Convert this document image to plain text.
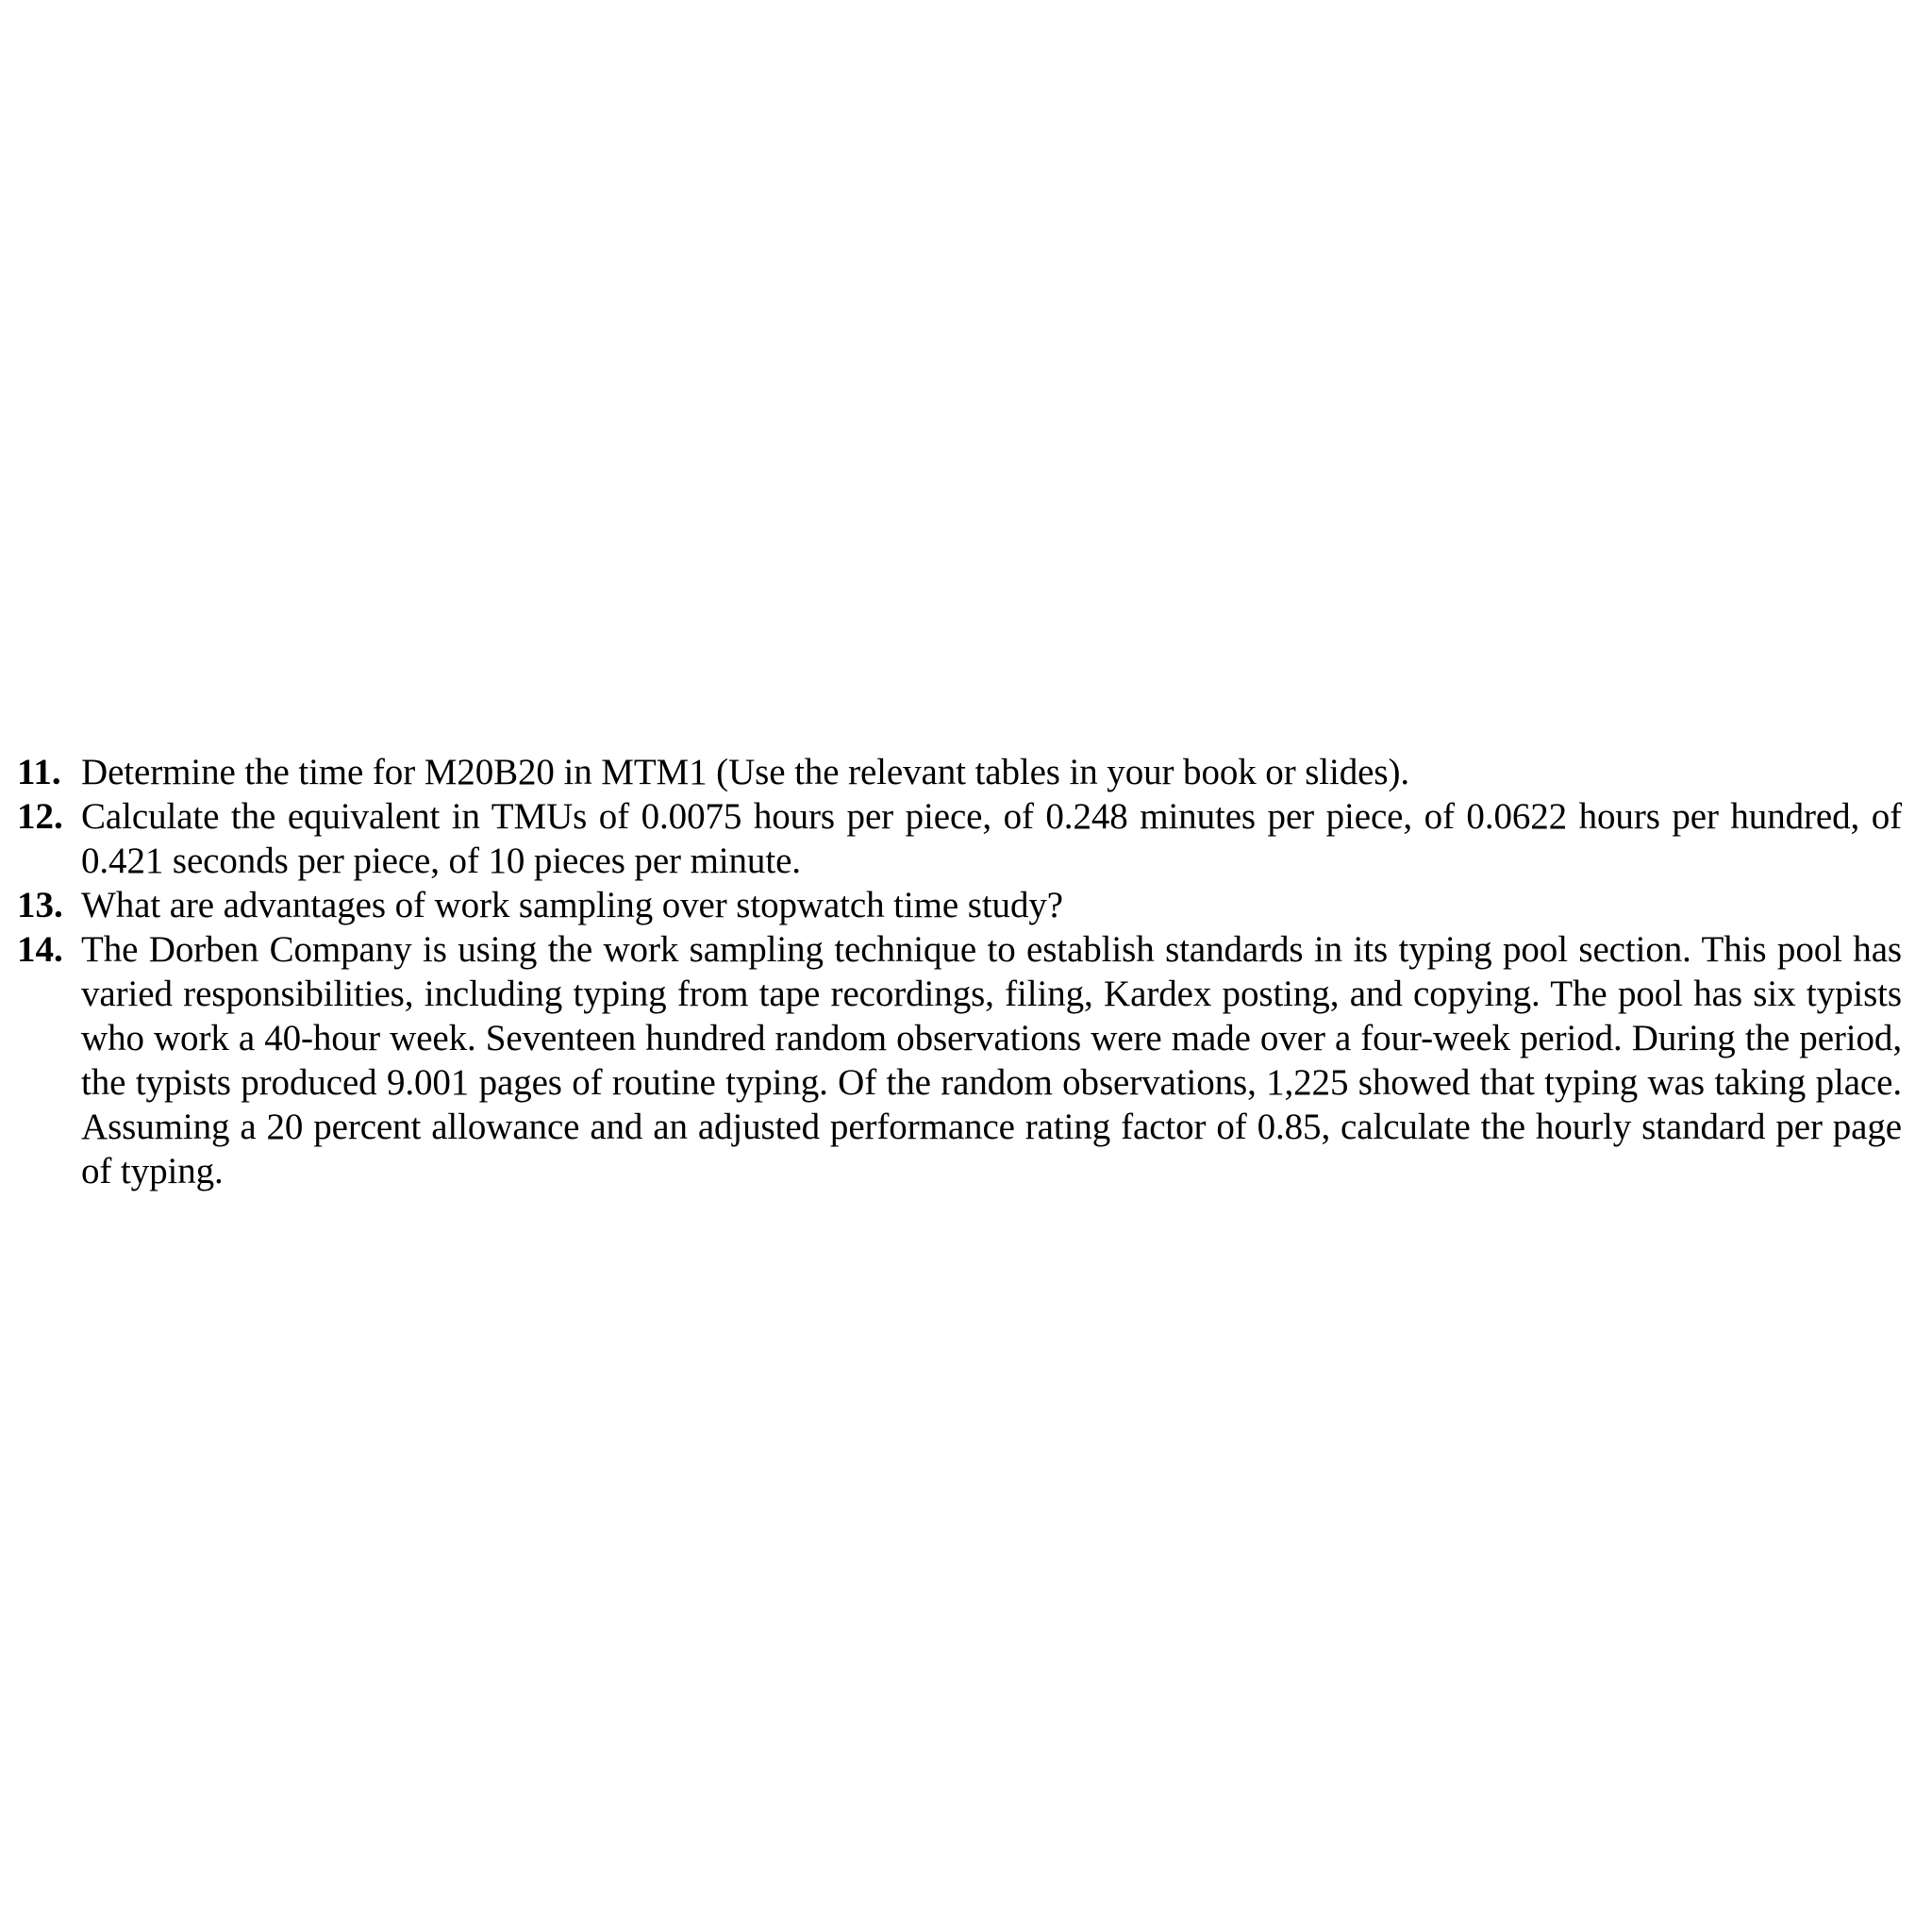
11. Determine the time for M20B20 in MTM1 (Use the relevant tables in your book or slides).
12. Calculate the equivalent in TMUs of 0.0075 hours per piece, of 0.248 minutes per piece, of 0.0622 hours per hundred, of 0.421 seconds per piece, of 10 pieces per minute.
13. What are advantages of work sampling over stopwatch time study?
14. The Dorben Company is using the work sampling technique to establish standards in its typing pool section. This pool has varied responsibilities, including typing from tape recordings, filing, Kardex posting, and copying. The pool has six typists who work a 40-hour week. Seventeen hundred random observations were made over a four-week period. During the period, the typists produced 9.001 pages of routine typing. Of the random observations, 1,225 showed that typing was taking place. Assuming a 20 percent allowance and an adjusted performance rating factor of 0.85, calculate the hourly standard per page of typing.
